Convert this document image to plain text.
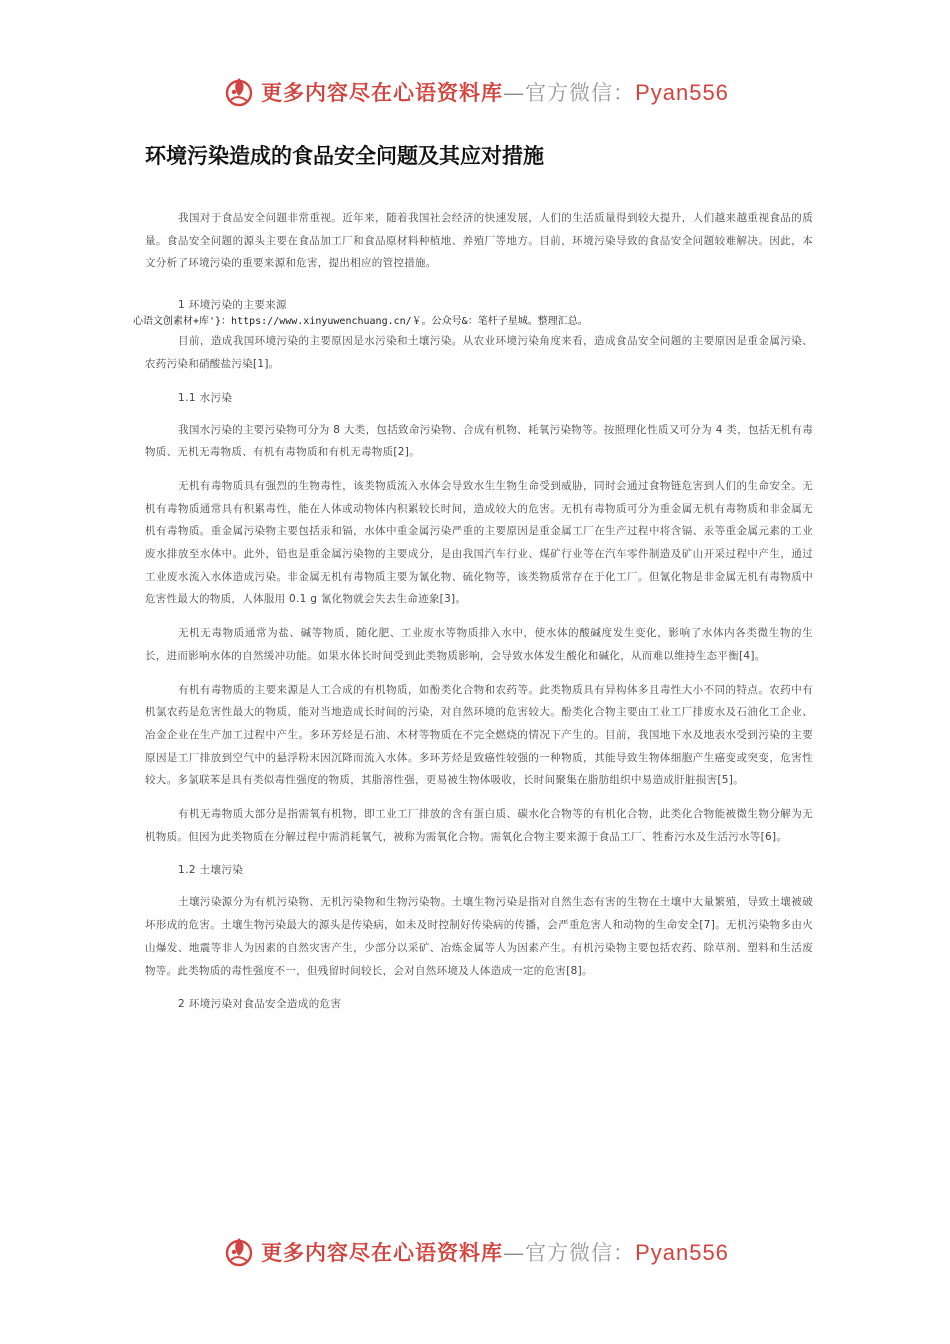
更多内容尽在心语资料库—官方微信：Pyan556
环境污染造成的食品安全问题及其应对措施

我国对于食品安全问题非常重视。近年来，随着我国社会经济的快速发展，人们的生活质量得到较大提升，人们越来越重视食品的质量。食品安全问题的源头主要在食品加工厂和食品原材料种植地、养殖厂等地方。目前，环境污染导致的食品安全问题较难解决。因此，本文分析了环境污染的重要来源和危害，提出相应的管控措施。

1 环境污染的主要来源
心语文创素材+库'}：https://www.xinyuwenchuang.cn/￥。公众号&：笔杆子星城。整理汇总。

目前，造成我国环境污染的主要原因是水污染和土壤污染。从农业环境污染角度来看，造成食品安全问题的主要原因是重金属污染、农药污染和硝酸盐污染[1]。

1.1 水污染

我国水污染的主要污染物可分为 8 大类，包括致命污染物、合成有机物、耗氧污染物等。按照理化性质又可分为 4 类，包括无机有毒物质、无机无毒物质、有机有毒物质和有机无毒物质[2]。

无机有毒物质具有强烈的生物毒性，该类物质流入水体会导致水生生物生命受到威胁，同时会通过食物链危害到人们的生命安全。无机有毒物质通常具有积累毒性，能在人体或动物体内积累较长时间，造成较大的危害。无机有毒物质可分为重金属无机有毒物质和非金属无机有毒物质。重金属污染物主要包括汞和镉，水体中重金属污染严重的主要原因是重金属工厂在生产过程中将含镉、汞等重金属元素的工业废水排放至水体中。此外，铅也是重金属污染物的主要成分，是由我国汽车行业、煤矿行业等在汽车零件制造及矿山开采过程中产生，通过工业废水流入水体造成污染。非金属无机有毒物质主要为氰化物、硫化物等，该类物质常存在于化工厂。但氰化物是非金属无机有毒物质中危害性最大的物质，人体服用 0.1 g 氰化物就会失去生命迹象[3]。

无机无毒物质通常为盐、碱等物质，随化肥、工业废水等物质排入水中，使水体的酸碱度发生变化，影响了水体内各类微生物的生长，进而影响水体的自然缓冲功能。如果水体长时间受到此类物质影响，会导致水体发生酸化和碱化，从而难以维持生态平衡[4]。

有机有毒物质的主要来源是人工合成的有机物质，如酚类化合物和农药等。此类物质具有异构体多且毒性大小不同的特点。农药中有机氯农药是危害性最大的物质，能对当地造成长时间的污染，对自然环境的危害较大。酚类化合物主要由工业工厂排废水及石油化工企业、冶金企业在生产加工过程中产生。多环芳烃是石油、木材等物质在不完全燃烧的情况下产生的。目前，我国地下水及地表水受到污染的主要原因是工厂排放到空气中的悬浮粉末因沉降而流入水体。多环芳烃是致癌性较强的一种物质，其能导致生物体细胞产生癌变或突变，危害性较大。多氯联苯是具有类似毒性强度的物质，其脂溶性强，更易被生物体吸收，长时间聚集在脂肪组织中易造成肝脏损害[5]。

有机无毒物质大部分是指需氧有机物，即工业工厂排放的含有蛋白质、碳水化合物等的有机化合物，此类化合物能被微生物分解为无机物质。但因为此类物质在分解过程中需消耗氧气，被称为需氧化合物。需氧化合物主要来源于食品工厂、牲畜污水及生活污水等[6]。

1.2 土壤污染

土壤污染源分为有机污染物、无机污染物和生物污染物。土壤生物污染是指对自然生态有害的生物在土壤中大量繁殖，导致土壤被破坏形成的危害。土壤生物污染最大的源头是传染病，如未及时控制好传染病的传播，会严重危害人和动物的生命安全[7]。无机污染物多由火山爆发、地震等非人为因素的自然灾害产生，少部分以采矿、冶炼金属等人为因素产生。有机污染物主要包括农药、除草剂、塑料和生活废物等。此类物质的毒性强度不一，但残留时间较长，会对自然环境及人体造成一定的危害[8]。

2 环境污染对食品安全造成的危害
更多内容尽在心语资料库—官方微信：Pyan556
